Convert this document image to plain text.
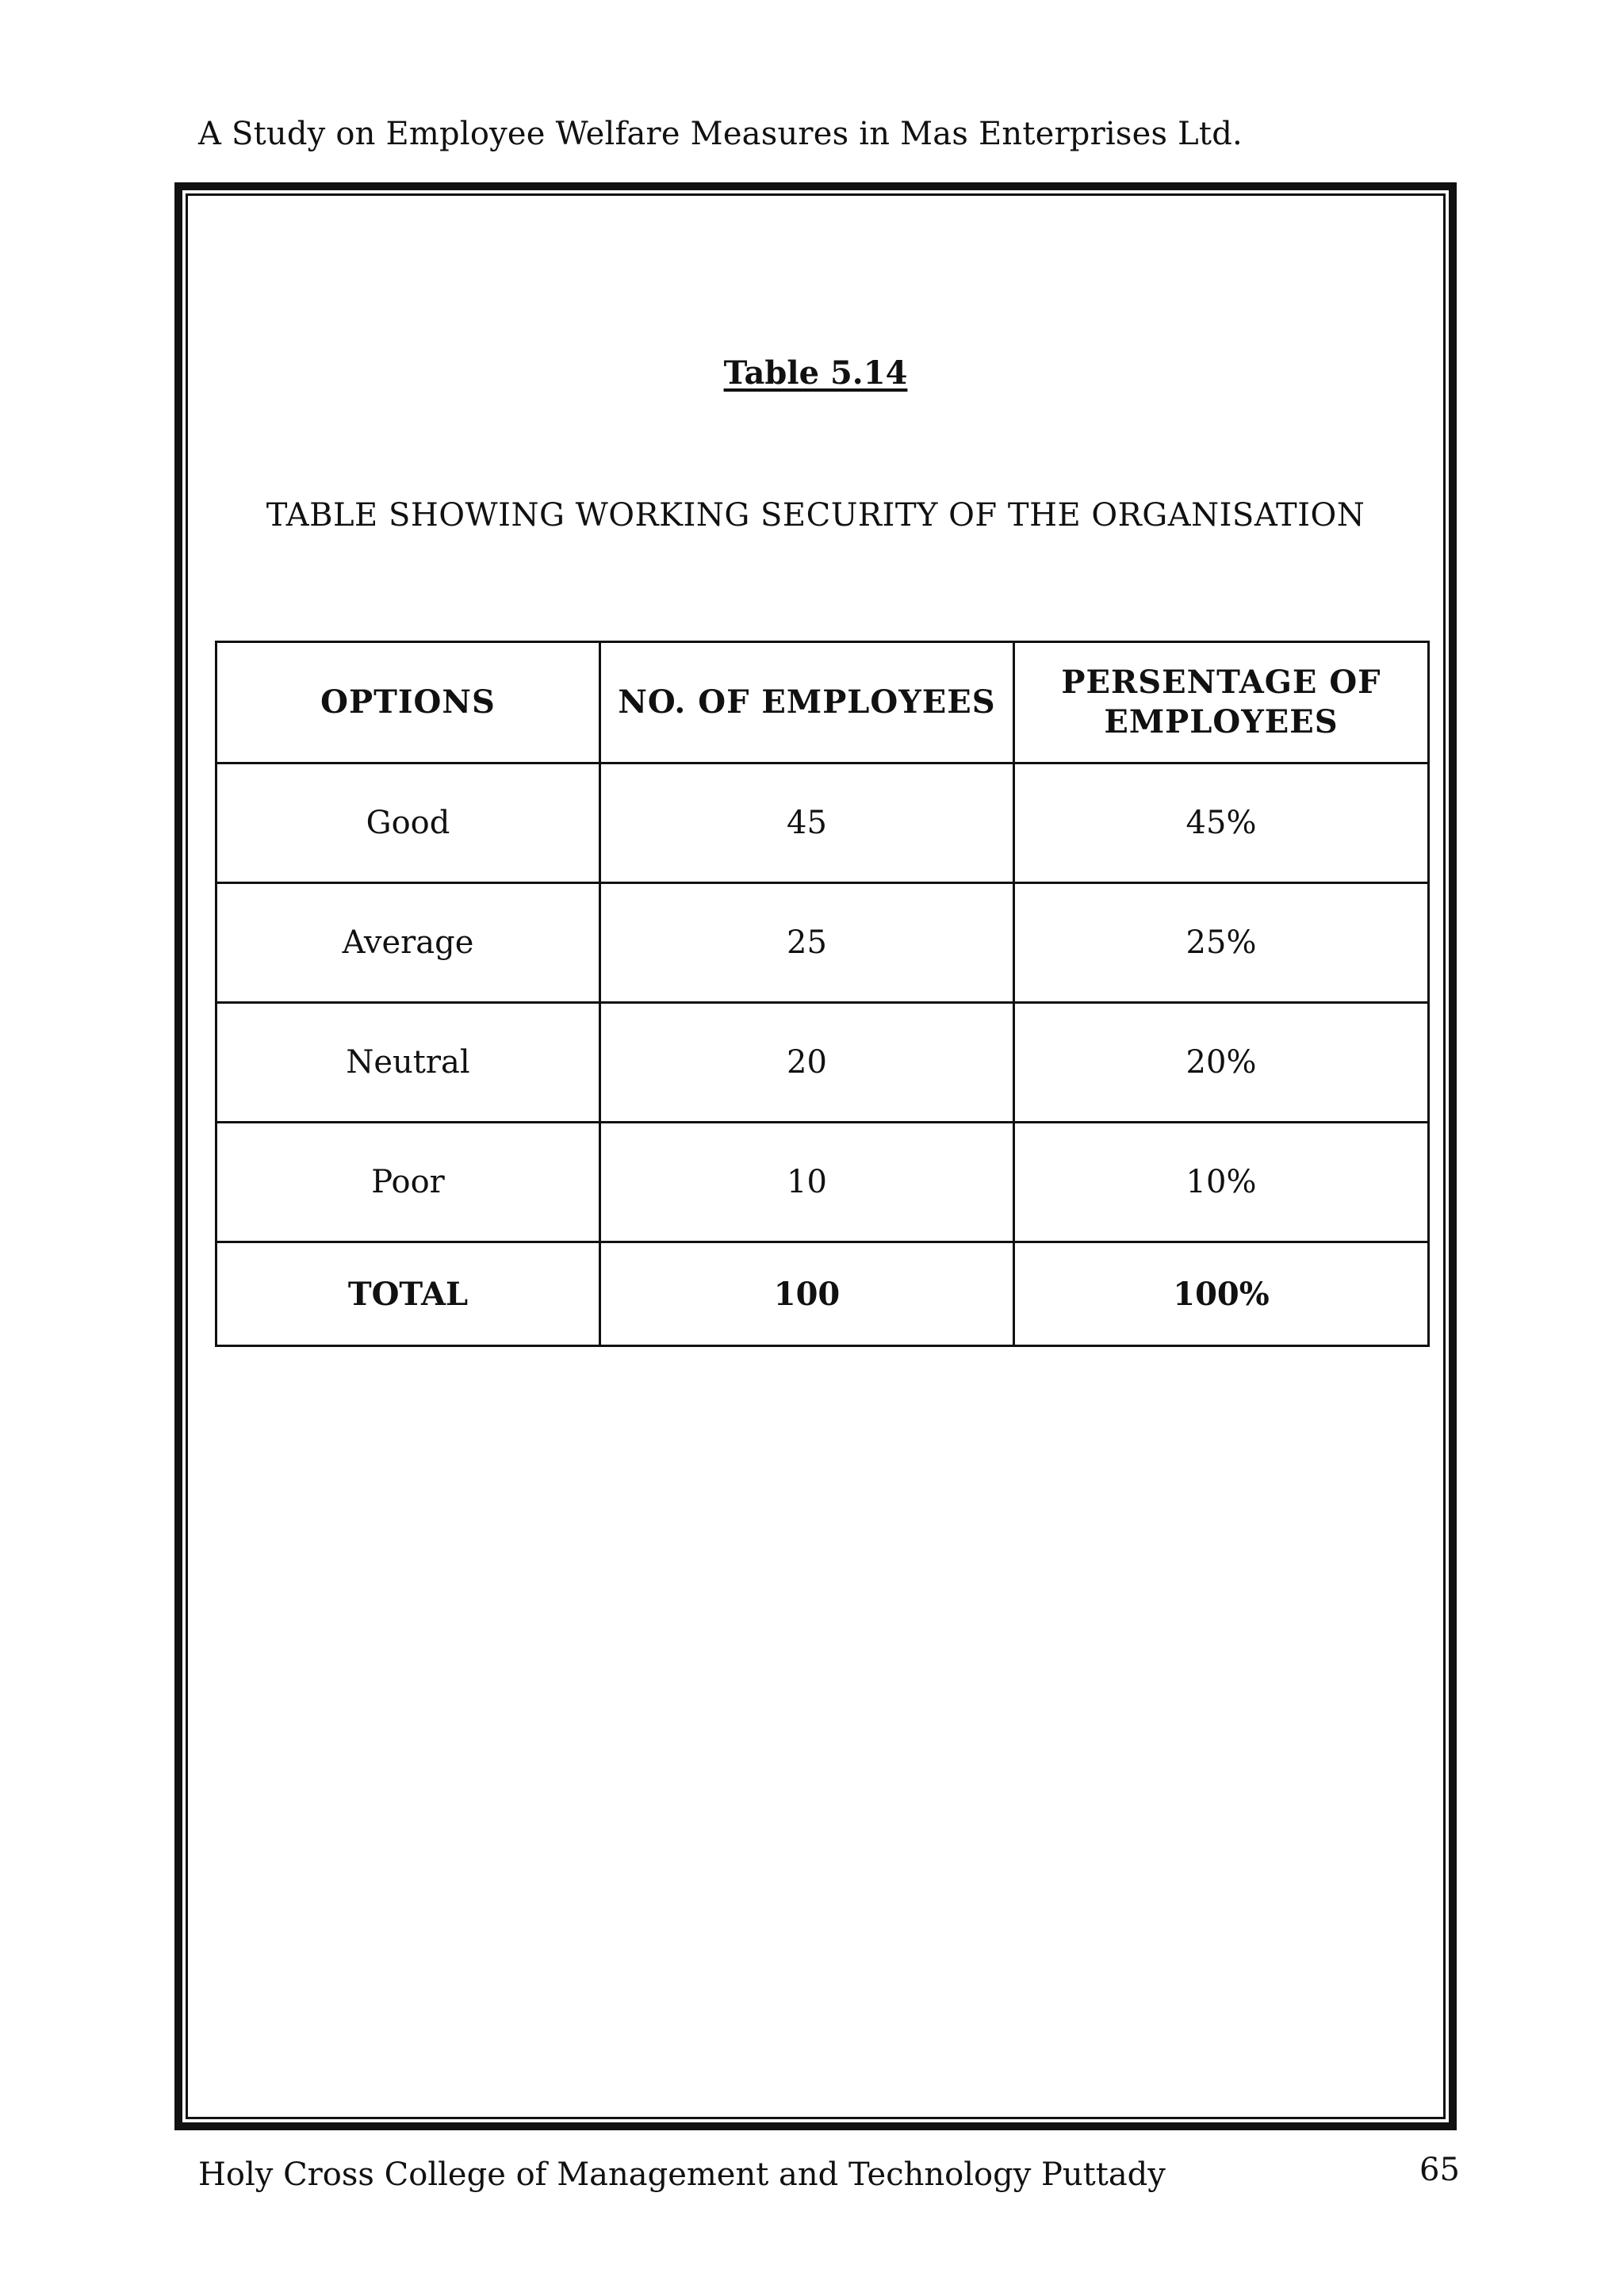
A Study on Employee Welfare Measures in Mas Enterprises Ltd.
Table 5.14
TABLE SHOWING WORKING SECURITY OF THE ORGANISATION
OPTIONS	NO. OF EMPLOYEES	PERSENTAGE OF EMPLOYEES
Good	45	45%
Average	25	25%
Neutral	20	20%
Poor	10	10%
TOTAL	100	100%
Holy Cross College of Management and Technology Puttady	65
